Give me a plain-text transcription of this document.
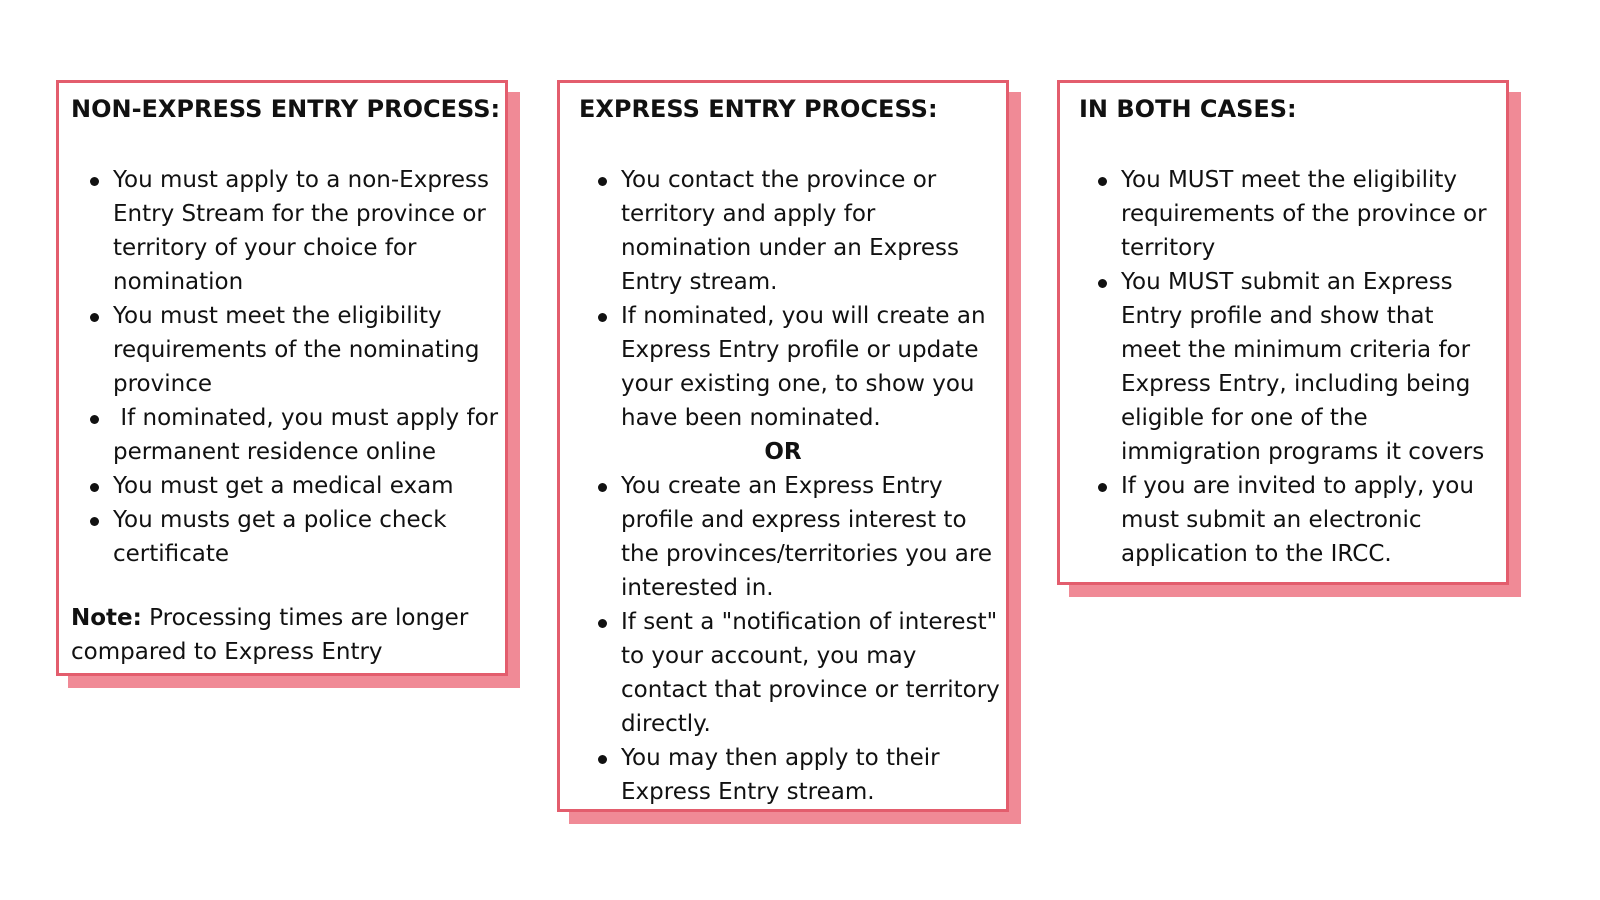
NON-EXPRESS ENTRY PROCESS:
You must apply to a non-Express Entry Stream for the province or territory of your choice for nomination
You must meet the eligibility requirements of the nominating province
If nominated, you must apply for permanent residence online
You must get a medical exam
You musts get a police check certificate
Note: Processing times are longer compared to Express Entry
EXPRESS ENTRY PROCESS:
You contact the province or territory and apply for nomination under an Express Entry stream.
If nominated, you will create an Express Entry profile or update your existing one, to show you have been nominated.
OR
You create an Express Entry profile and express interest to the provinces/territories you are interested in.
If sent a "notification of interest" to your account, you may contact that province or territory directly.
You may then apply to their Express Entry stream.
IN BOTH CASES:
You MUST meet the eligibility requirements of the province or territory
You MUST submit an Express Entry profile and show that meet the minimum criteria for Express Entry, including being eligible for one of the immigration programs it covers
If you are invited to apply, you must submit an electronic application to the IRCC.
